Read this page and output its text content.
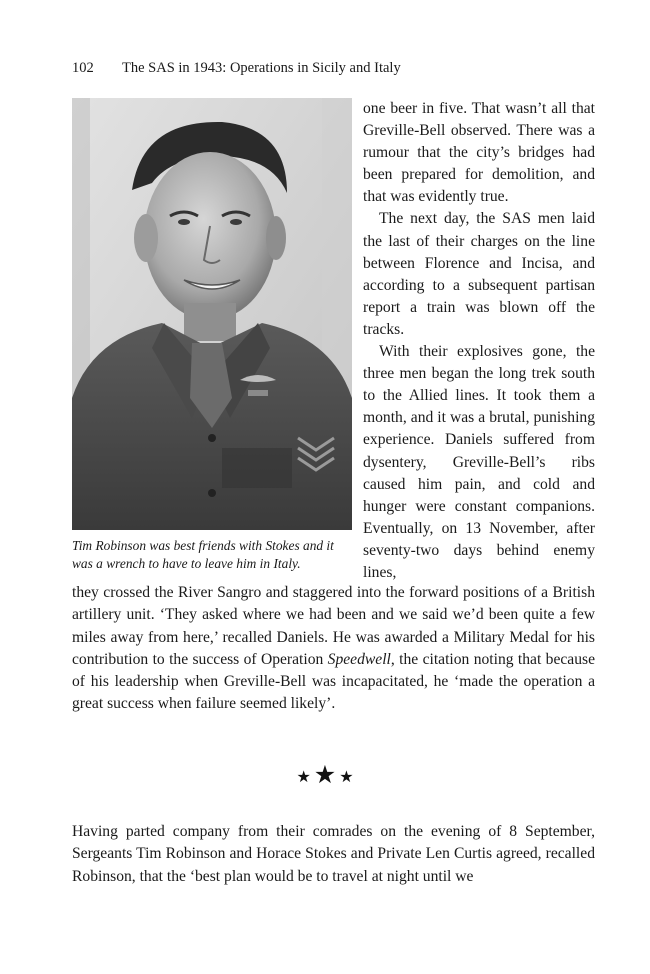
102 The SAS in 1943: Operations in Sicily and Italy
Tim Robinson was best friends with Stokes and it was a wrench to have to leave him in Italy.

one beer in five. That wasn’t all that Greville-Bell observed. There was a rumour that the city’s bridges had been prepared for demolition, and that was evidently true.

The next day, the SAS men laid the last of their charges on the line between Florence and Incisa, and according to a subsequent partisan report a train was blown off the tracks.

With their explosives gone, the three men began the long trek south to the Allied lines. It took them a month, and it was a brutal, punishing experience. Daniels suffered from dysentery, Greville-Bell’s ribs caused him pain, and cold and hunger were constant companions. Eventually, on 13 November, after seventy-two days behind enemy lines,

they crossed the River Sangro and staggered into the forward positions of a British artillery unit. ‘They asked where we had been and we said we’d been quite a few miles away from here,’ recalled Daniels. He was awarded a Military Medal for his contribution to the success of Operation Speedwell, the citation noting that because of his leadership when Greville-Bell was incapacitated, he ‘made the operation a great success when failure seemed likely’.

★ ★ ★

Having parted company from their comrades on the evening of 8 September, Sergeants Tim Robinson and Horace Stokes and Private Len Curtis agreed, recalled Robinson, that the ‘best plan would be to travel at night until we
